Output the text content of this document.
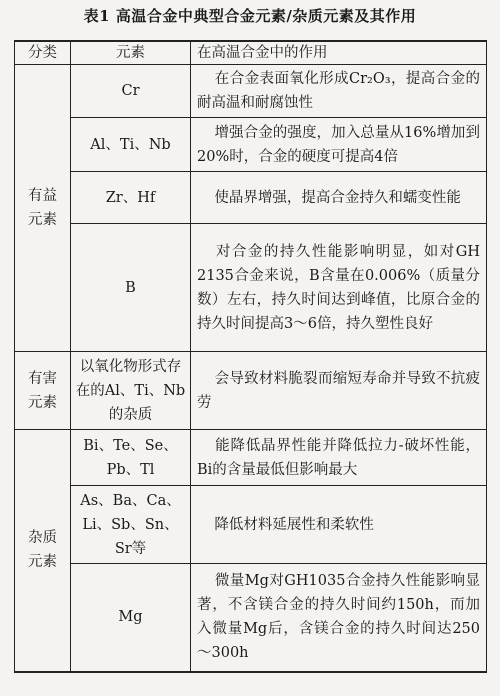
表1 高温合金中典型合金元素/杂质元素及其作用
分类	元素	在高温合金中的作用

有益
元素	Cr	在合金表面氧化形成Cr₂O₃，提高合金的耐高温和耐腐蚀性
	Al、Ti、Nb	增强合金的强度，加入总量从16%增加到20%时，合金的硬度可提高4倍
	Zr、Hf	使晶界增强，提高合金持久和蠕变性能
	B	对合金的持久性能影响明显，如对GH 2135合金来说，B含量在0.006%（质量分数）左右，持久时间达到峰值，比原合金的持久时间提高3～6倍，持久塑性良好

有害
元素	以氧化物形式存在的Al、Ti、Nb的杂质	会导致材料脆裂而缩短寿命并导致不抗疲劳

杂质
元素	Bi、Te、Se、Pb、Tl	能降低晶界性能并降低拉力-破坏性能，Bi的含量最低但影响最大
	As、Ba、Ca、Li、Sb、Sn、Sr等	降低材料延展性和柔软性
	Mg	微量Mg对GH1035合金持久性能影响显著，不含镁合金的持久时间约150h，而加入微量Mg后，含镁合金的持久时间达250～300h
